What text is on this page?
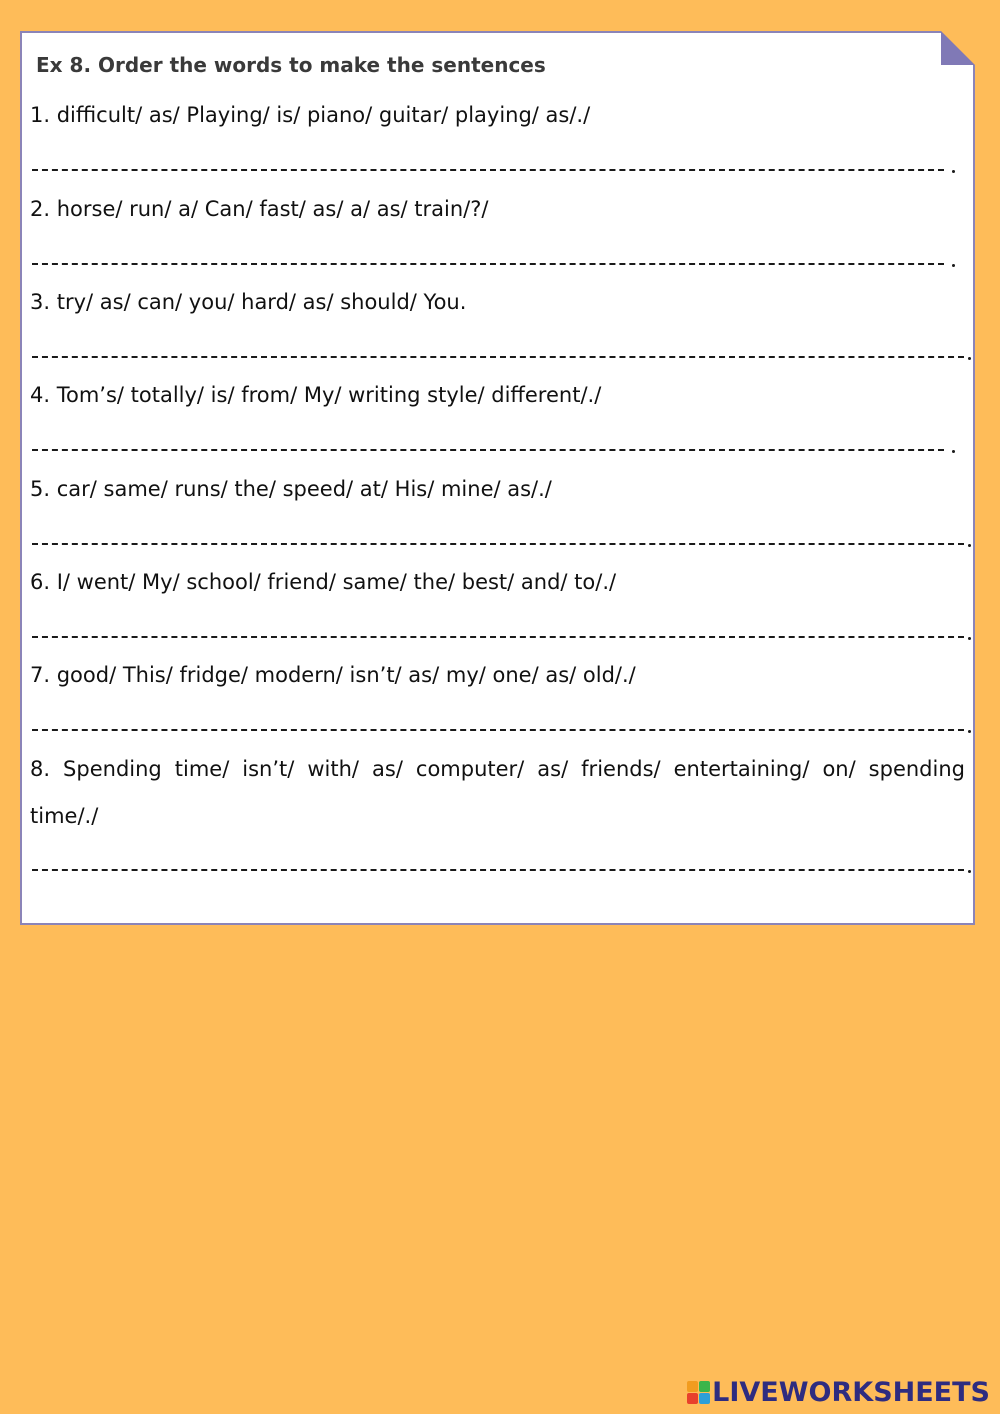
Ex 8. Order the words to make the sentences
1. difficult/ as/ Playing/ is/ piano/ guitar/ playing/ as/./
2. horse/ run/ a/ Can/ fast/ as/ a/ as/ train/?/
3. try/ as/ can/ you/ hard/ as/ should/ You.
4. Tom’s/ totally/ is/ from/ My/ writing style/ different/./
5. car/ same/ runs/ the/ speed/ at/ His/ mine/ as/./
6. I/ went/ My/ school/ friend/ same/ the/ best/ and/ to/./
7. good/ This/ fridge/ modern/ isn’t/ as/ my/ one/ as/ old/./
8. Spending time/ isn’t/ with/ as/ computer/ as/ friends/ entertaining/ on/ spending time/./
LIVEWORKSHEETS
